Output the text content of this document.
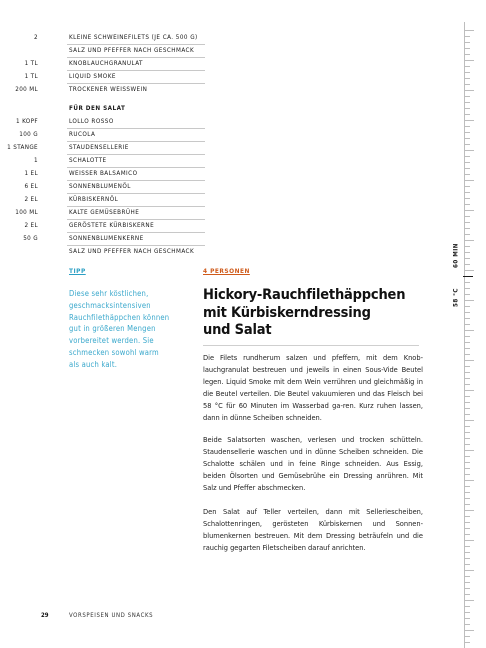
2	KLEINE SCHWEINEFILETS (JE CA. 500 G)
SALZ UND PFEFFER NACH GESCHMACK
1 TL	KNOBLAUCHGRANULAT
1 TL	LIQUID SMOKE
200 ML	TROCKENER WEISSWEIN
FÜR DEN SALAT
1 KOPF	LOLLO ROSSO
100 G	RUCOLA
1 STANGE	STAUDENSELLERIE
1	SCHALOTTE
1 EL	WEISSER BALSAMICO
6 EL	SONNENBLUMENÖL
2 EL	KÜRBISKERNÖL
100 ML	KALTE GEMÜSEBRÜHE
2 EL	GERÖSTETE KÜRBISKERNE
50 G	SONNENBLUMENKERNE
SALZ UND PFEFFER NACH GESCHMACK
TIPP
Diese sehr köstlichen,
geschmacksintensiven
Rauchfilethäppchen können
gut in größeren Mengen
vorbereitet werden. Sie
schmecken sowohl warm
als auch kalt.
4 PERSONEN
Hickory-Rauchfilethäppchen
mit Kürbiskerndressing
und Salat
Die Filets rundherum salzen und pfeffern, mit dem Knob-lauchgranulat bestreuen und jeweils in einen Sous-Vide Beutel legen. Liquid Smoke mit dem Wein verrühren und gleichmäßig in die Beutel verteilen. Die Beutel vakuumieren und das Fleisch bei 58 °C für 60 Minuten im Wasserbad ga-ren. Kurz ruhen lassen, dann in dünne Scheiben schneiden.
Beide Salatsorten waschen, verlesen und trocken schütteln. Staudensellerie waschen und in dünne Scheiben schneiden. Die Schalotte schälen und in feine Ringe schneiden. Aus Essig, beiden Ölsorten und Gemüsebrühe ein Dressing anrühren. Mit Salz und Pfeffer abschmecken.
Den Salat auf Teller verteilen, dann mit Selleriescheiben, Schalottenringen, gerösteten Kürbiskernen und Sonnen-blumenkernen bestreuen. Mit dem Dressing beträufeln und die rauchig gegarten Filetscheiben darauf anrichten.
60 MIN
58 °C
29	VORSPEISEN UND SNACKS
